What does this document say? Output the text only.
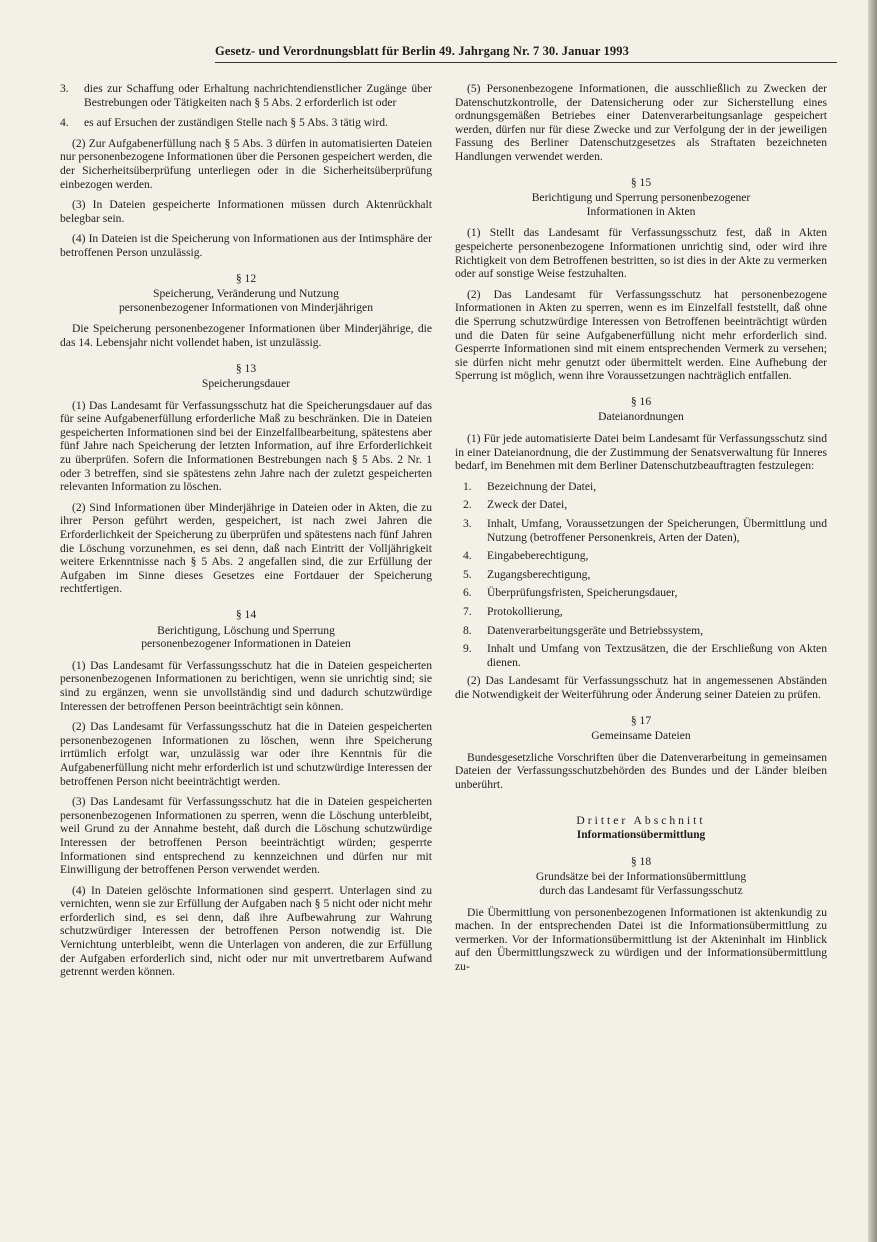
Gesetz- und Verordnungsblatt für Berlin 49. Jahrgang Nr. 7 30. Januar 1993
3.	dies zur Schaffung oder Erhaltung nachrichtendienstlicher Zugänge über Bestrebungen oder Tätigkeiten nach § 5 Abs. 2 erforderlich ist oder
4.	es auf Ersuchen der zuständigen Stelle nach § 5 Abs. 3 tätig wird.

(2) Zur Aufgabenerfüllung nach § 5 Abs. 3 dürfen in automatisierten Dateien nur personenbezogene Informationen über die Personen gespeichert werden, die der Sicherheitsüberprüfung unterliegen oder in die Sicherheitsüberprüfung einbezogen werden.

(3) In Dateien gespeicherte Informationen müssen durch Aktenrückhalt belegbar sein.

(4) In Dateien ist die Speicherung von Informationen aus der Intimsphäre der betroffenen Person unzulässig.

§ 12
Speicherung, Veränderung und Nutzung
personenbezogener Informationen von Minderjährigen

Die Speicherung personenbezogener Informationen über Minderjährige, die das 14. Lebensjahr nicht vollendet haben, ist unzulässig.

§ 13
Speicherungsdauer

(1) Das Landesamt für Verfassungsschutz hat die Speicherungsdauer auf das für seine Aufgabenerfüllung erforderliche Maß zu beschränken. Die in Dateien gespeicherten Informationen sind bei der Einzelfallbearbeitung, spätestens aber fünf Jahre nach Speicherung der letzten Information, auf ihre Erforderlichkeit zu überprüfen. Sofern die Informationen Bestrebungen nach § 5 Abs. 2 Nr. 1 oder 3 betreffen, sind sie spätestens zehn Jahre nach der zuletzt gespeicherten relevanten Information zu löschen.

(2) Sind Informationen über Minderjährige in Dateien oder in Akten, die zu ihrer Person geführt werden, gespeichert, ist nach zwei Jahren die Erforderlichkeit der Speicherung zu überprüfen und spätestens nach fünf Jahren die Löschung vorzunehmen, es sei denn, daß nach Eintritt der Volljährigkeit weitere Erkenntnisse nach § 5 Abs. 2 angefallen sind, die zur Erfüllung der Aufgaben im Sinne dieses Gesetzes eine Fortdauer der Speicherung rechtfertigen.

§ 14
Berichtigung, Löschung und Sperrung
personenbezogener Informationen in Dateien

(1) Das Landesamt für Verfassungsschutz hat die in Dateien gespeicherten personenbezogenen Informationen zu berichtigen, wenn sie unrichtig sind; sie sind zu ergänzen, wenn sie unvollständig sind und dadurch schutzwürdige Interessen der betroffenen Person beeinträchtigt sein können.

(2) Das Landesamt für Verfassungsschutz hat die in Dateien gespeicherten personenbezogenen Informationen zu löschen, wenn ihre Speicherung irrtümlich erfolgt war, unzulässig war oder ihre Kenntnis für die Aufgabenerfüllung nicht mehr erforderlich ist und schutzwürdige Interessen der betroffenen Person nicht beeinträchtigt werden.

(3) Das Landesamt für Verfassungsschutz hat die in Dateien gespeicherten personenbezogenen Informationen zu sperren, wenn die Löschung unterbleibt, weil Grund zu der Annahme besteht, daß durch die Löschung schutzwürdige Interessen der betroffenen Person beeinträchtigt würden; gesperrte Informationen sind entsprechend zu kennzeichnen und dürfen nur mit Einwilligung der betroffenen Person verwendet werden.

(4) In Dateien gelöschte Informationen sind gesperrt. Unterlagen sind zu vernichten, wenn sie zur Erfüllung der Aufgaben nach § 5 nicht oder nicht mehr erforderlich sind, es sei denn, daß ihre Aufbewahrung zur Wahrung schutzwürdiger Interessen der betroffenen Person notwendig ist. Die Vernichtung unterbleibt, wenn die Unterlagen von anderen, die zur Erfüllung der Aufgaben erforderlich sind, nicht oder nur mit unvertretbarem Aufwand getrennt werden können.

(5) Personenbezogene Informationen, die ausschließlich zu Zwecken der Datenschutzkontrolle, der Datensicherung oder zur Sicherstellung eines ordnungsgemäßen Betriebes einer Datenverarbeitungsanlage gespeichert werden, dürfen nur für diese Zwecke und zur Verfolgung der in der jeweiligen Fassung des Berliner Datenschutzgesetzes als Straftaten bezeichneten Handlungen verwendet werden.

§ 15
Berichtigung und Sperrung personenbezogener
Informationen in Akten

(1) Stellt das Landesamt für Verfassungsschutz fest, daß in Akten gespeicherte personenbezogene Informationen unrichtig sind, oder wird ihre Richtigkeit von dem Betroffenen bestritten, so ist dies in der Akte zu vermerken oder auf sonstige Weise festzuhalten.

(2) Das Landesamt für Verfassungsschutz hat personenbezogene Informationen in Akten zu sperren, wenn es im Einzelfall feststellt, daß ohne die Sperrung schutzwürdige Interessen von Betroffenen beeinträchtigt würden und die Daten für seine Aufgabenerfüllung nicht mehr erforderlich sind. Gesperrte Informationen sind mit einem entsprechenden Vermerk zu versehen; sie dürfen nicht mehr genutzt oder übermittelt werden. Eine Aufhebung der Sperrung ist möglich, wenn ihre Voraussetzungen nachträglich entfallen.

§ 16
Dateianordnungen

(1) Für jede automatisierte Datei beim Landesamt für Verfassungsschutz sind in einer Dateianordnung, die der Zustimmung der Senatsverwaltung für Inneres bedarf, im Benehmen mit dem Berliner Datenschutzbeauftragten festzulegen:

1.	Bezeichnung der Datei,
2.	Zweck der Datei,
3.	Inhalt, Umfang, Voraussetzungen der Speicherungen, Übermittlung und Nutzung (betroffener Personenkreis, Arten der Daten),
4.	Eingabeberechtigung,
5.	Zugangsberechtigung,
6.	Überprüfungsfristen, Speicherungsdauer,
7.	Protokollierung,
8.	Datenverarbeitungsgeräte und Betriebssystem,
9.	Inhalt und Umfang von Textzusätzen, die der Erschließung von Akten dienen.

(2) Das Landesamt für Verfassungsschutz hat in angemessenen Abständen die Notwendigkeit der Weiterführung oder Änderung seiner Dateien zu prüfen.

§ 17
Gemeinsame Dateien

Bundesgesetzliche Vorschriften über die Datenverarbeitung in gemeinsamen Dateien der Verfassungsschutzbehörden des Bundes und der Länder bleiben unberührt.

Dritter Abschnitt
Informationsübermittlung
§ 18
Grundsätze bei der Informationsübermittlung
durch das Landesamt für Verfassungsschutz

Die Übermittlung von personenbezogenen Informationen ist aktenkundig zu machen. In der entsprechenden Datei ist die Informationsübermittlung zu vermerken. Vor der Informationsübermittlung ist der Akteninhalt im Hinblick auf den Übermittlungszweck zu würdigen und der Informationsübermittlung zu-
